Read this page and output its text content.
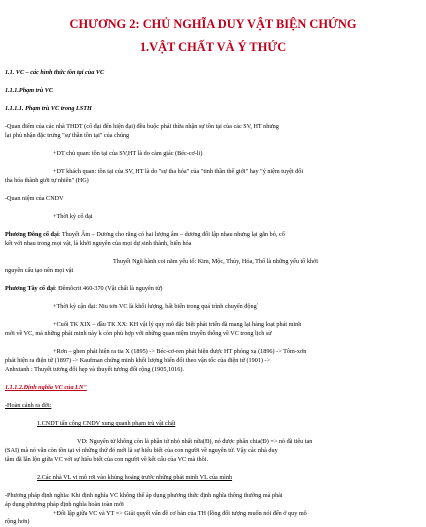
CHƯƠNG 2: CHỦ NGHĨA DUY VẬT BIỆN CHỨNG
1.VẬT CHẤT VÀ Ý THỨC

1.1. VC – các hình thức tồn tại của VC

1.1.1.Phạm trù VC

1.1.1.1. Phạm trù VC trong LSTH

-Quan điểm của các nhà THDT (cổ đại đến hiện đại) đều buộc phải thừa nhận sự tồn tại của các SV, HT nhưng

lại phủ nhận đặc trưng "sự thần tồn tại" của chúng

+DT chủ quan: tồn tại của SV,HT là do cảm giác (Béc-cơ-li)

+DT khách quan: tồn tại của SV, HT là do "sự tha hóa" của "tinh thần thế giới" hay "ý niệm tuyệt đối

tha hóa thành giới tự nhiên" (HG)

-Quan niệm của CNDV

+Thời kỳ cổ đại

Phương Đông cổ đại: Thuyết Âm – Dương cho rằng có hai lượng âm – dương đối lập nhau nhưng lại gắn bó, cố

kết với nhau trong mọi vật, là khởi nguyên của mọi dự sinh thành, biến hóa

Thuyết Ngũ hành coi năm yếu tố: Kim, Mộc, Thủy, Hỏa, Thổ là những yếu tố khởi

nguyên cấu tạo nên mọi vật

Phương Tây cổ đại: Đêmôcrit 460-370 (Vật chất là nguyên tử)

+Thời kỳ cận đại: Niu tơn VC là khối lượng, bất biến trong quá trình chuyển động`

+Cuối TK XIX – đầu TK XX: KH vật lý quy mô đặc biệt phát triển đã mang lại hàng loạt phát minh

mới về VC, mà những phát minh này k còn phù hợp với những quan niệm truyền thống về VC trong lịch sử

+Rơn – ghen phát hiện ra tia X (1895) -> Béc-cơ-ren phát hiện được HT phóng xạ (1896) -> Tôm-xơn

phát hiện ra điện tử (1897) -> Kaufman chứng minh khối lượng biến đổi theo vận tốc của điện tử (1901) ->

Anhxtanh : Thuyết tương đối hẹp và thuyết tương đối rộng (1905,1016).

1.1.1.2.Định nghĩa VC của LN"

-Hoàn cảnh ra đời:

1.CNDT tấn công CNDV xung quanh phạm trù vật chất

VD: Nguyên tử không còn là phần tử nhỏ nhất nữa(Đ), nó được phân chia(Đ) => nó đã tiêu tan

(SAI) mà nó vẫn còn tồn tại vì những thứ đó mới là sự hiểu biết của con người về nguyên tử. Vậy các nhà duy

tâm đã lẫn lộn giữa VC với sự hiểu biết của con người về kết cấu của VC mà thôi.

2.Các nhà VL vi mô rơi vào khủng hoảng trước những phát minh VL của mình

-Phương pháp định nghĩa: Khi định nghĩa VC không thể áp dụng phương thức định nghĩa thông thường mà phải

áp dụng phương pháp định nghĩa hoàn toàn mới

+Đối lập giữa VC và YT => Giải quyết vấn đề cơ bản của TH (lồng đối tượng muốn nói đến ở quy mô

rộng hơn)
